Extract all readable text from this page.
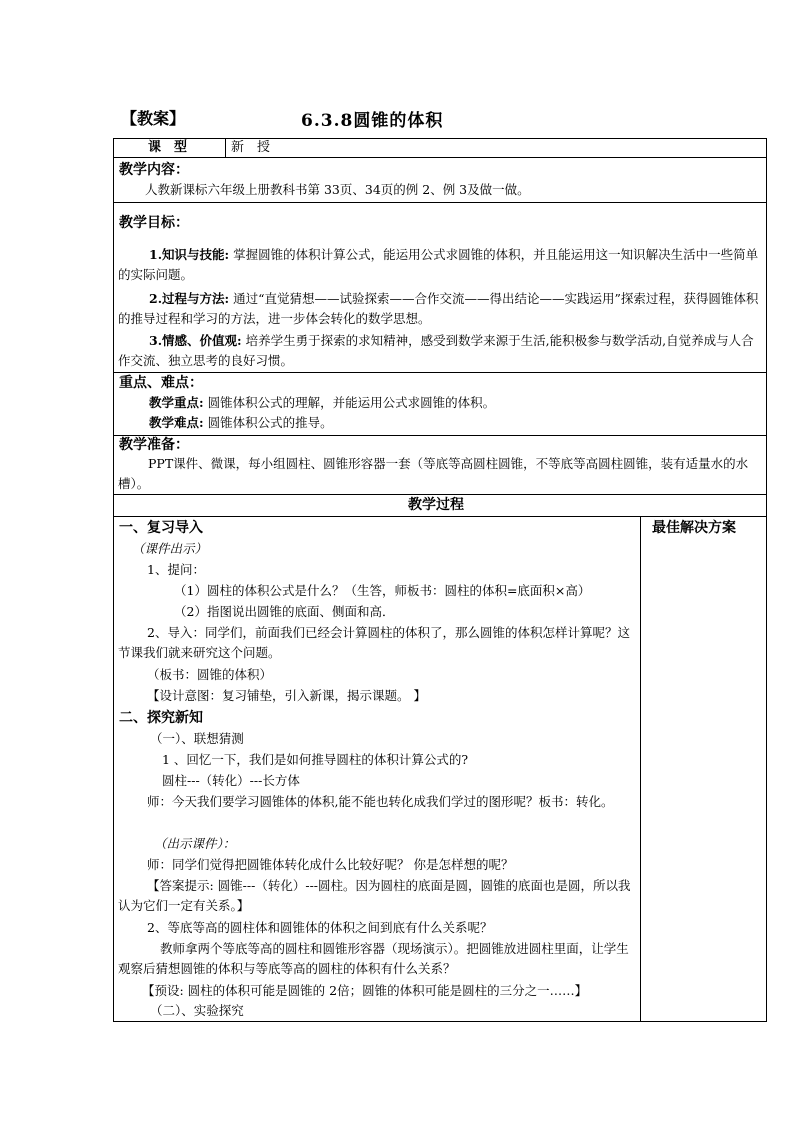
【教案】	6.3.8圆锥的体积
课　型	新　授
教学内容：
人教新课标六年级上册教科书第 33页、34页的例 2、例 3及做一做。
教学目标：
1.知识与技能: 掌握圆锥的体积计算公式，能运用公式求圆锥的体积，并且能运用这一知识解决生活中一些简单的实际问题。
2.过程与方法: 通过“直觉猜想——试验探索——合作交流——得出结论——实践运用”探索过程，获得圆锥体积的推导过程和学习的方法，进一步体会转化的数学思想。
3.情感、价值观: 培养学生勇于探索的求知精神，感受到数学来源于生活,能积极参与数学活动,自觉养成与人合作交流、独立思考的良好习惯。
重点、难点：
教学重点: 圆锥体积公式的理解，并能运用公式求圆锥的体积。
教学难点: 圆锥体积公式的推导。
教学准备：
PPT课件、微课，每小组圆柱、圆锥形容器一套（等底等高圆柱圆锥，不等底等高圆柱圆锥，装有适量水的水槽）。
教学过程
最佳解决方案
一、复习导入
（课件出示）
1、提问：
（1）圆柱的体积公式是什么？（生答，师板书：圆柱的体积=底面积×高）
（2）指图说出圆锥的底面、侧面和高．
2、导入：同学们，前面我们已经会计算圆柱的体积了，那么圆锥的体积怎样计算呢？这节课我们就来研究这个问题。
（板书：圆锥的体积）
【设计意图：复习铺垫，引入新课，揭示课题。 】
二、探究新知
（一）、联想猜测
1 、回忆一下，我们是如何推导圆柱的体积计算公式的?
圆柱---（转化）---长方体
师：今天我们要学习圆锥体的体积,能不能也转化成我们学过的图形呢？板书：转化。
（出示课件）：
师：同学们觉得把圆锥体转化成什么比较好呢？ 你是怎样想的呢？
【答案提示: 圆锥---（转化）---圆柱。因为圆柱的底面是圆，圆锥的底面也是圆，所以我认为它们一定有关系。】
2、等底等高的圆柱体和圆锥体的体积之间到底有什么关系呢？
教师拿两个等底等高的圆柱和圆锥形容器（现场演示）。把圆锥放进圆柱里面，让学生观察后猜想圆锥的体积与等底等高的圆柱的体积有什么关系？
【预设: 圆柱的体积可能是圆锥的 2倍；圆锥的体积可能是圆柱的三分之一……】
（二）、实验探究
